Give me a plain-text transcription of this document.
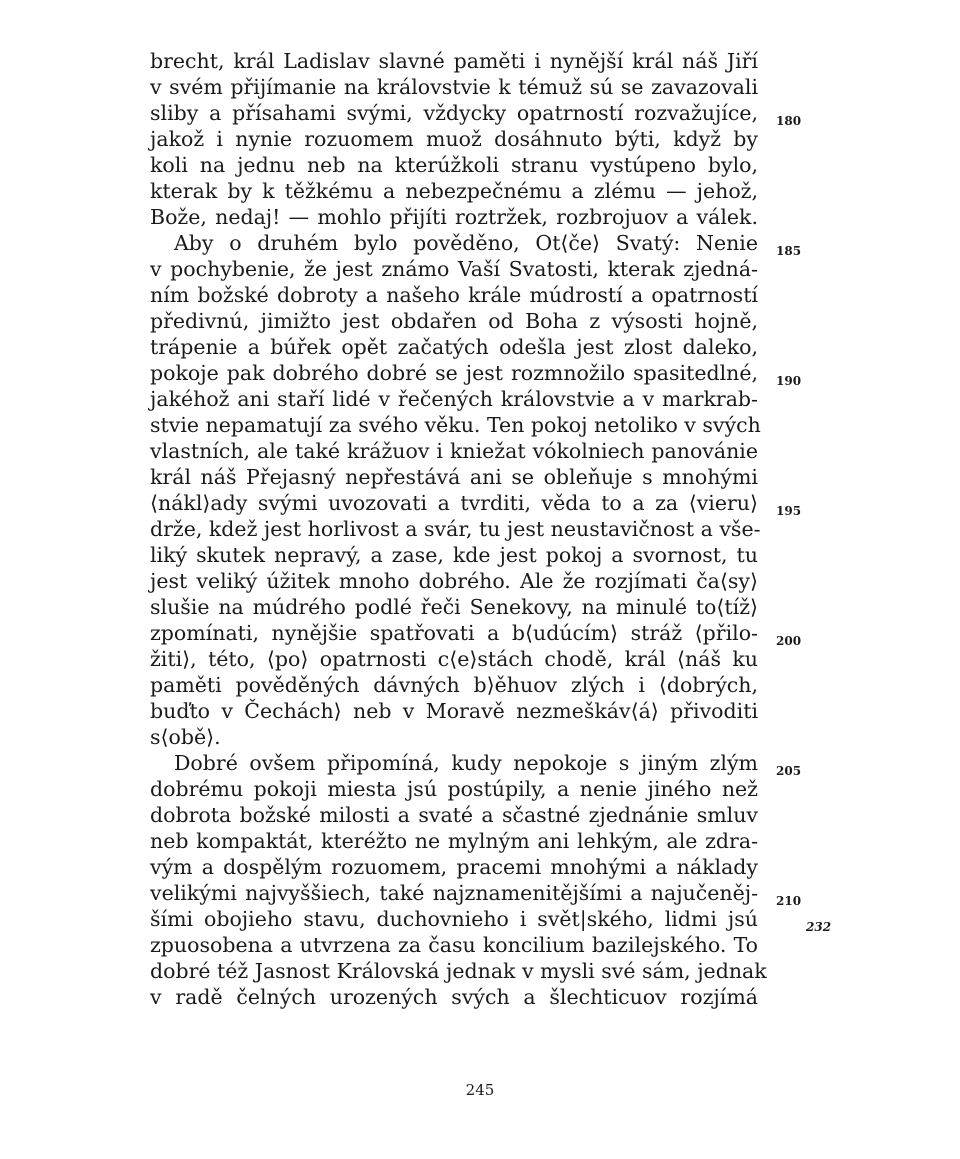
brecht, král Ladislav slavné paměti i nynější král náš Jiří
v svém přijímanie na královstvie k témuž sú se zavazovali
sliby a přísahami svými, vždycky opatrností rozvažujíce,
jakož i nynie rozuomem muož dosáhnuto býti, když by
koli na jednu neb na kterúžkoli stranu vystúpeno bylo,
kterak by k těžkému a nebezpečnému a zlému — jehož,
Bože, nedaj! — mohlo přijíti roztržek, rozbrojuov a válek.
Aby o druhém bylo pověděno, Ot⟨če⟩ Svatý: Nenie
v pochybenie, že jest známo Vaší Svatosti, kterak zjedná-
ním božské dobroty a našeho krále múdrostí a opatrností
předivnú, jimižto jest obdařen od Boha z výsosti hojně,
trápenie a búřek opět začatých odešla jest zlost daleko,
pokoje pak dobrého dobré se jest rozmnožilo spasitedlné,
jakéhož ani staří lidé v řečených královstvie a v markrab-
stvie nepamatují za svého věku. Ten pokoj netoliko v svých
vlastních, ale také krážuov i kniežat vókolniech panovánie
král náš Přejasný nepřestává ani se obleňuje s mnohými
⟨nákl⟩ady svými uvozovati a tvrditi, věda to a za ⟨vieru⟩
drže, kdež jest horlivost a svár, tu jest neustavičnost a vše-
liký skutek nepravý, a zase, kde jest pokoj a svornost, tu
jest veliký úžitek mnoho dobrého. Ale že rozjímati ča⟨sy⟩
slušie na múdrého podlé řeči Senekovy, na minulé to⟨tíž⟩
zpomínati, nynějšie spatřovati a b⟨udúcím⟩ stráž ⟨přilo-
žiti⟩, této, ⟨po⟩ opatrnosti c⟨e⟩stách chodě, král ⟨náš ku
paměti pověděných dávných b⟩ěhuov zlých i ⟨dobrých,
buďto v Čechách⟩ neb v Moravě nezmeškáv⟨á⟩ přivoditi
s⟨obě⟩.
Dobré ovšem připomíná, kudy nepokoje s jiným zlým
dobrému pokoji miesta jsú postúpily, a nenie jiného než
dobrota božské milosti a svaté a sčastné zjednánie smluv
neb kompaktát, kteréžto ne mylným ani lehkým, ale zdra-
vým a dospělým rozuomem, pracemi mnohými a náklady
velikými najvyššiech, také najznamenitějšími a najučeněj-
šími obojieho stavu, duchovnieho i svět|ského, lidmi jsú
zpuosobena a utvrzena za času koncilium bazilejského. To
dobré též Jasnost Královská jednak v mysli své sám, jednak
v radě čelných urozených svých a šlechticuov rozjímá
180
185
190
195
200
205
210
232
245
